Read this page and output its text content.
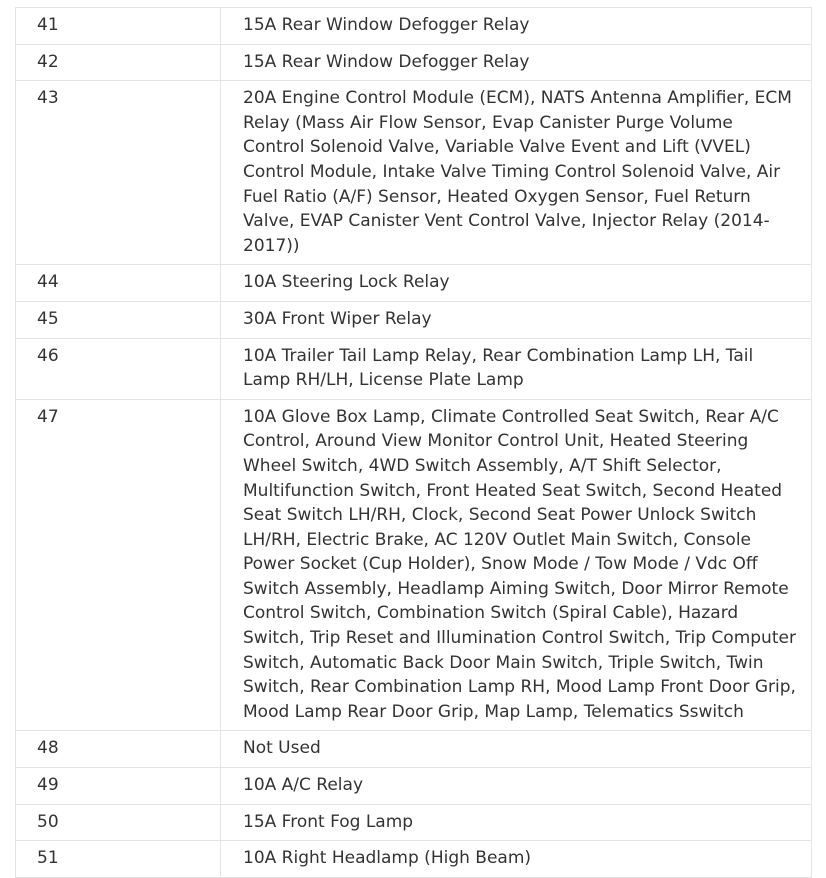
41	15A Rear Window Defogger Relay
42	15A Rear Window Defogger Relay
43	20A Engine Control Module (ECM), NATS Antenna Amplifier, ECM Relay (Mass Air Flow Sensor, Evap Canister Purge Volume Control Solenoid Valve, Variable Valve Event and Lift (VVEL) Control Module, Intake Valve Timing Control Solenoid Valve, Air Fuel Ratio (A/F) Sensor, Heated Oxygen Sensor, Fuel Return Valve, EVAP Canister Vent Control Valve, Injector Relay (2014-2017))
44	10A Steering Lock Relay
45	30A Front Wiper Relay
46	10A Trailer Tail Lamp Relay, Rear Combination Lamp LH, Tail Lamp RH/LH, License Plate Lamp
47	10A Glove Box Lamp, Climate Controlled Seat Switch, Rear A/C Control, Around View Monitor Control Unit, Heated Steering Wheel Switch, 4WD Switch Assembly, A/T Shift Selector, Multifunction Switch, Front Heated Seat Switch, Second Heated Seat Switch LH/RH, Clock, Second Seat Power Unlock Switch LH/RH, Electric Brake, AC 120V Outlet Main Switch, Console Power Socket (Cup Holder), Snow Mode / Tow Mode / Vdc Off Switch Assembly, Headlamp Aiming Switch, Door Mirror Remote Control Switch, Combination Switch (Spiral Cable), Hazard Switch, Trip Reset and Illumination Control Switch, Trip Computer Switch, Automatic Back Door Main Switch, Triple Switch, Twin Switch, Rear Combination Lamp RH, Mood Lamp Front Door Grip, Mood Lamp Rear Door Grip, Map Lamp, Telematics Sswitch
48	Not Used
49	10A A/C Relay
50	15A Front Fog Lamp
51	10A Right Headlamp (High Beam)
